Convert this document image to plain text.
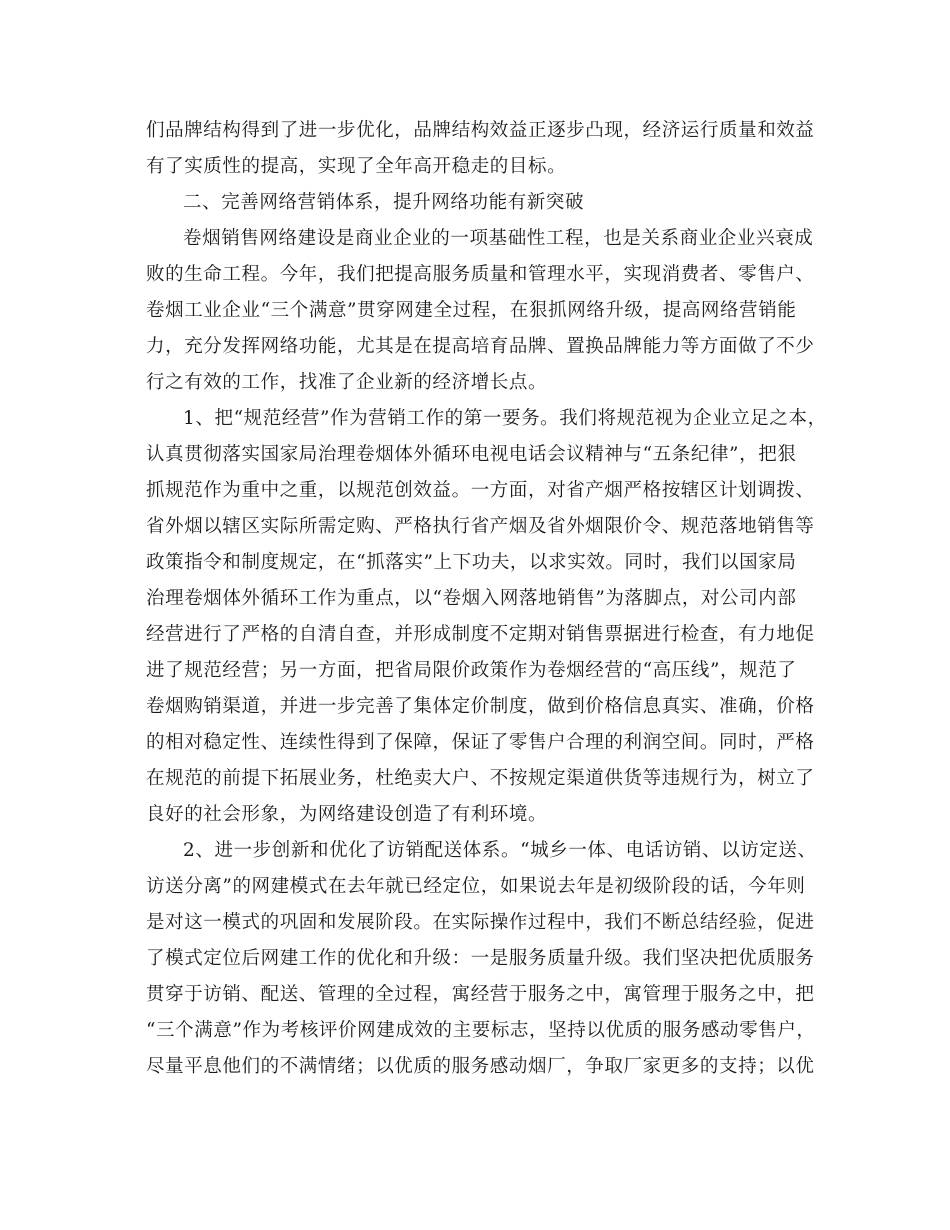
们品牌结构得到了进一步优化，品牌结构效益正逐步凸现，经济运行质量和效益
有了实质性的提高，实现了全年高开稳走的目标。
二、完善网络营销体系，提升网络功能有新突破
卷烟销售网络建设是商业企业的一项基础性工程，也是关系商业企业兴衰成
败的生命工程。今年，我们把提高服务质量和管理水平，实现消费者、零售户、
卷烟工业企业“三个满意”贯穿网建全过程，在狠抓网络升级，提高网络营销能
力，充分发挥网络功能，尤其是在提高培育品牌、置换品牌能力等方面做了不少
行之有效的工作，找准了企业新的经济增长点。
1、把“规范经营”作为营销工作的第一要务。我们将规范视为企业立足之本，
认真贯彻落实国家局治理卷烟体外循环电视电话会议精神与“五条纪律”，把狠
抓规范作为重中之重，以规范创效益。一方面，对省产烟严格按辖区计划调拨、
省外烟以辖区实际所需定购、严格执行省产烟及省外烟限价令、规范落地销售等
政策指令和制度规定，在“抓落实”上下功夫，以求实效。同时，我们以国家局
治理卷烟体外循环工作为重点，以“卷烟入网落地销售”为落脚点，对公司内部
经营进行了严格的自清自查，并形成制度不定期对销售票据进行检查，有力地促
进了规范经营；另一方面，把省局限价政策作为卷烟经营的“高压线”，规范了
卷烟购销渠道，并进一步完善了集体定价制度，做到价格信息真实、准确，价格
的相对稳定性、连续性得到了保障，保证了零售户合理的利润空间。同时，严格
在规范的前提下拓展业务，杜绝卖大户、不按规定渠道供货等违规行为，树立了
良好的社会形象，为网络建设创造了有利环境。
2、进一步创新和优化了访销配送体系。“城乡一体、电话访销、以访定送、
访送分离”的网建模式在去年就已经定位，如果说去年是初级阶段的话，今年则
是对这一模式的巩固和发展阶段。在实际操作过程中，我们不断总结经验，促进
了模式定位后网建工作的优化和升级：一是服务质量升级。我们坚决把优质服务
贯穿于访销、配送、管理的全过程，寓经营于服务之中，寓管理于服务之中，把
“三个满意”作为考核评价网建成效的主要标志，坚持以优质的服务感动零售户，
尽量平息他们的不满情绪；以优质的服务感动烟厂，争取厂家更多的支持；以优
